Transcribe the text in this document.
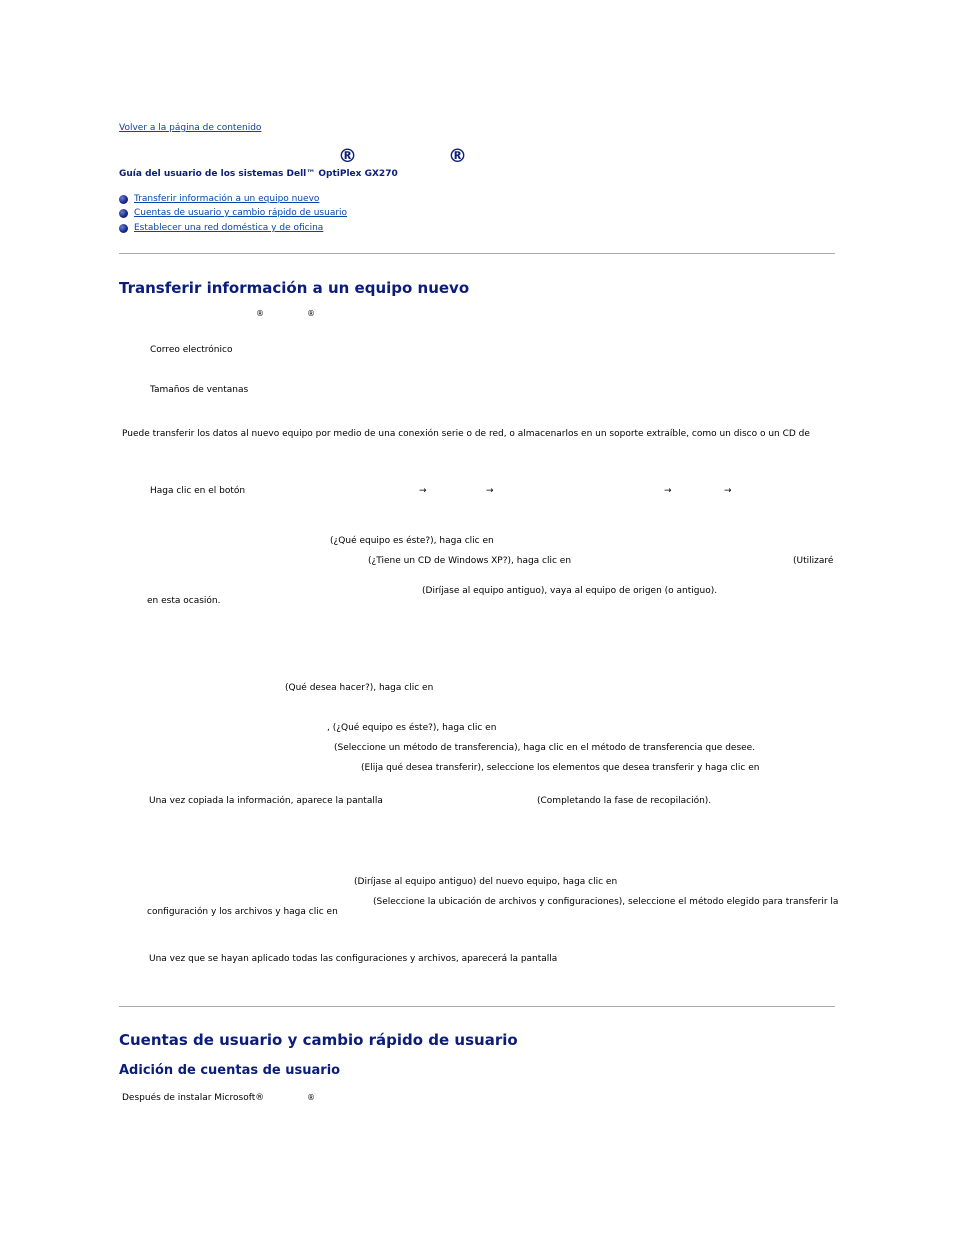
Volver a la página de contenido
®	®
Guía del usuario de los sistemas Dell™ OptiPlex GX270
Transferir información a un equipo nuevo
Cuentas de usuario y cambio rápido de usuario
Establecer una red doméstica y de oficina
Transferir información a un equipo nuevo
®	®
Correo electrónico
Tamaños de ventanas
Puede transferir los datos al nuevo equipo por medio de una conexión serie o de red, o almacenarlos en un soporte extraíble, como un disco o un CD de
Haga clic en el botón	→	→	→	→
(¿Qué equipo es éste?), haga clic en
(¿Tiene un CD de Windows XP?), haga clic en	(Utilizaré
(Diríjase al equipo antiguo), vaya al equipo de origen (o antiguo).
en esta ocasión.
(Qué desea hacer?), haga clic en
, (¿Qué equipo es éste?), haga clic en
(Seleccione un método de transferencia), haga clic en el método de transferencia que desee.
(Elija qué desea transferir), seleccione los elementos que desea transferir y haga clic en
Una vez copiada la información, aparece la pantalla	(Completando la fase de recopilación).
(Diríjase al equipo antiguo) del nuevo equipo, haga clic en
(Seleccione la ubicación de archivos y configuraciones), seleccione el método elegido para transferir la
configuración y los archivos y haga clic en
Una vez que se hayan aplicado todas las configuraciones y archivos, aparecerá la pantalla
Cuentas de usuario y cambio rápido de usuario
Adición de cuentas de usuario
Después de instalar Microsoft®	®
